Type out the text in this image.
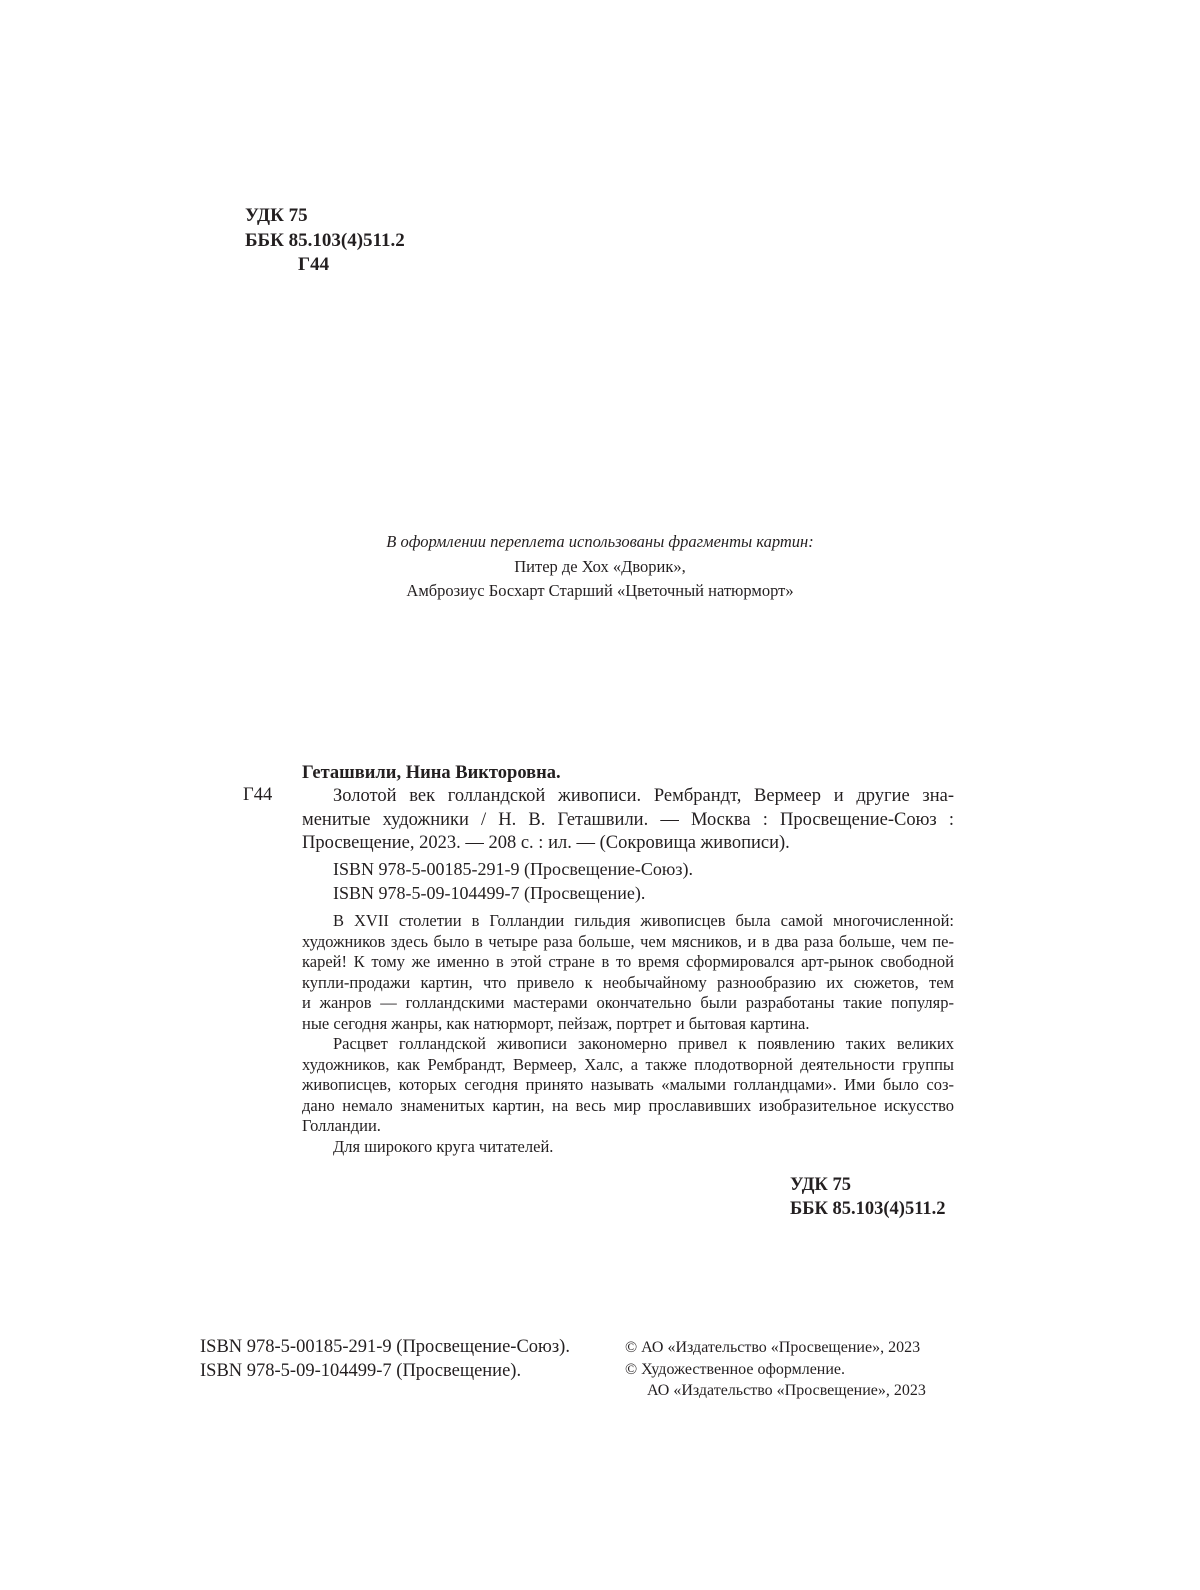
УДК 75
ББК 85.103(4)511.2
Г44
В оформлении переплета использованы фрагменты картин:
Питер де Хох «Дворик»,
Амброзиус Босхарт Старший «Цветочный натюрморт»
Геташвили, Нина Викторовна.
Г44	Золотой век голландской живописи. Рембрандт, Вермеер и другие зна-
менитые художники / Н. В. Геташвили. — Москва : Просвещение-Союз :
Просвещение, 2023. — 208 с. : ил. — (Сокровища живописи).
ISBN 978-5-00185-291-9 (Просвещение-Союз).
ISBN 978-5-09-104499-7 (Просвещение).
В XVII столетии в Голландии гильдия живописцев была самой многочисленной:
художников здесь было в четыре раза больше, чем мясников, и в два раза больше, чем пе-
карей! К тому же именно в этой стране в то время сформировался арт-рынок свободной
купли-продажи картин, что привело к необычайному разнообразию их сюжетов, тем
и жанров — голландскими мастерами окончательно были разработаны такие популяр-
ные сегодня жанры, как натюрморт, пейзаж, портрет и бытовая картина.
Расцвет голландской живописи закономерно привел к появлению таких великих
художников, как Рембрандт, Вермеер, Халс, а также плодотворной деятельности группы
живописцев, которых сегодня принято называть «малыми голландцами». Ими было соз-
дано немало знаменитых картин, на весь мир прославивших изобразительное искусство
Голландии.
Для широкого круга читателей.
УДК 75
ББК 85.103(4)511.2
ISBN 978-5-00185-291-9 (Просвещение-Союз).
ISBN 978-5-09-104499-7 (Просвещение).
© АО «Издательство «Просвещение», 2023
© Художественное оформление.
АО «Издательство «Просвещение», 2023
